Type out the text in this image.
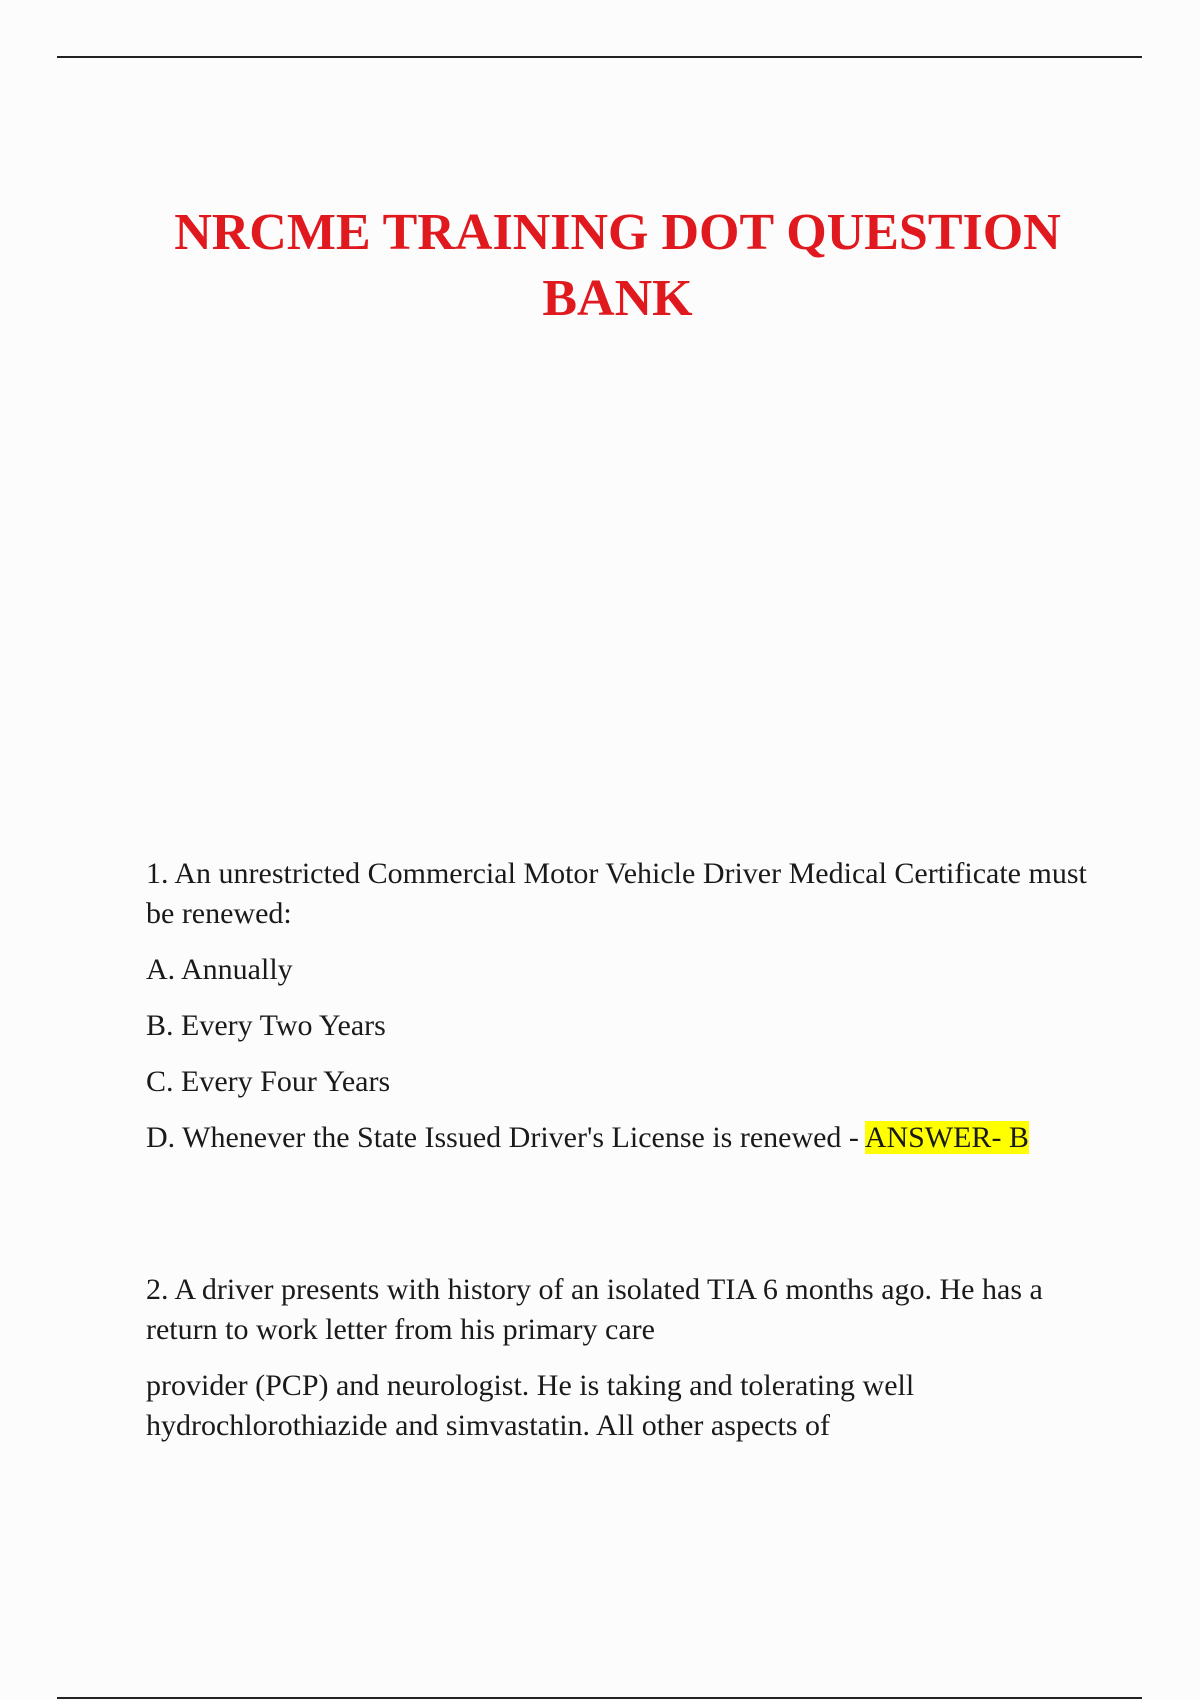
NRCME TRAINING DOT QUESTION BANK

1. An unrestricted Commercial Motor Vehicle Driver Medical Certificate must be renewed:

A. Annually

B. Every Two Years

C. Every Four Years

D. Whenever the State Issued Driver's License is renewed - ANSWER- B

2. A driver presents with history of an isolated TIA 6 months ago. He has a return to work letter from his primary care

provider (PCP) and neurologist. He is taking and tolerating well hydrochlorothiazide and simvastatin. All other aspects of
